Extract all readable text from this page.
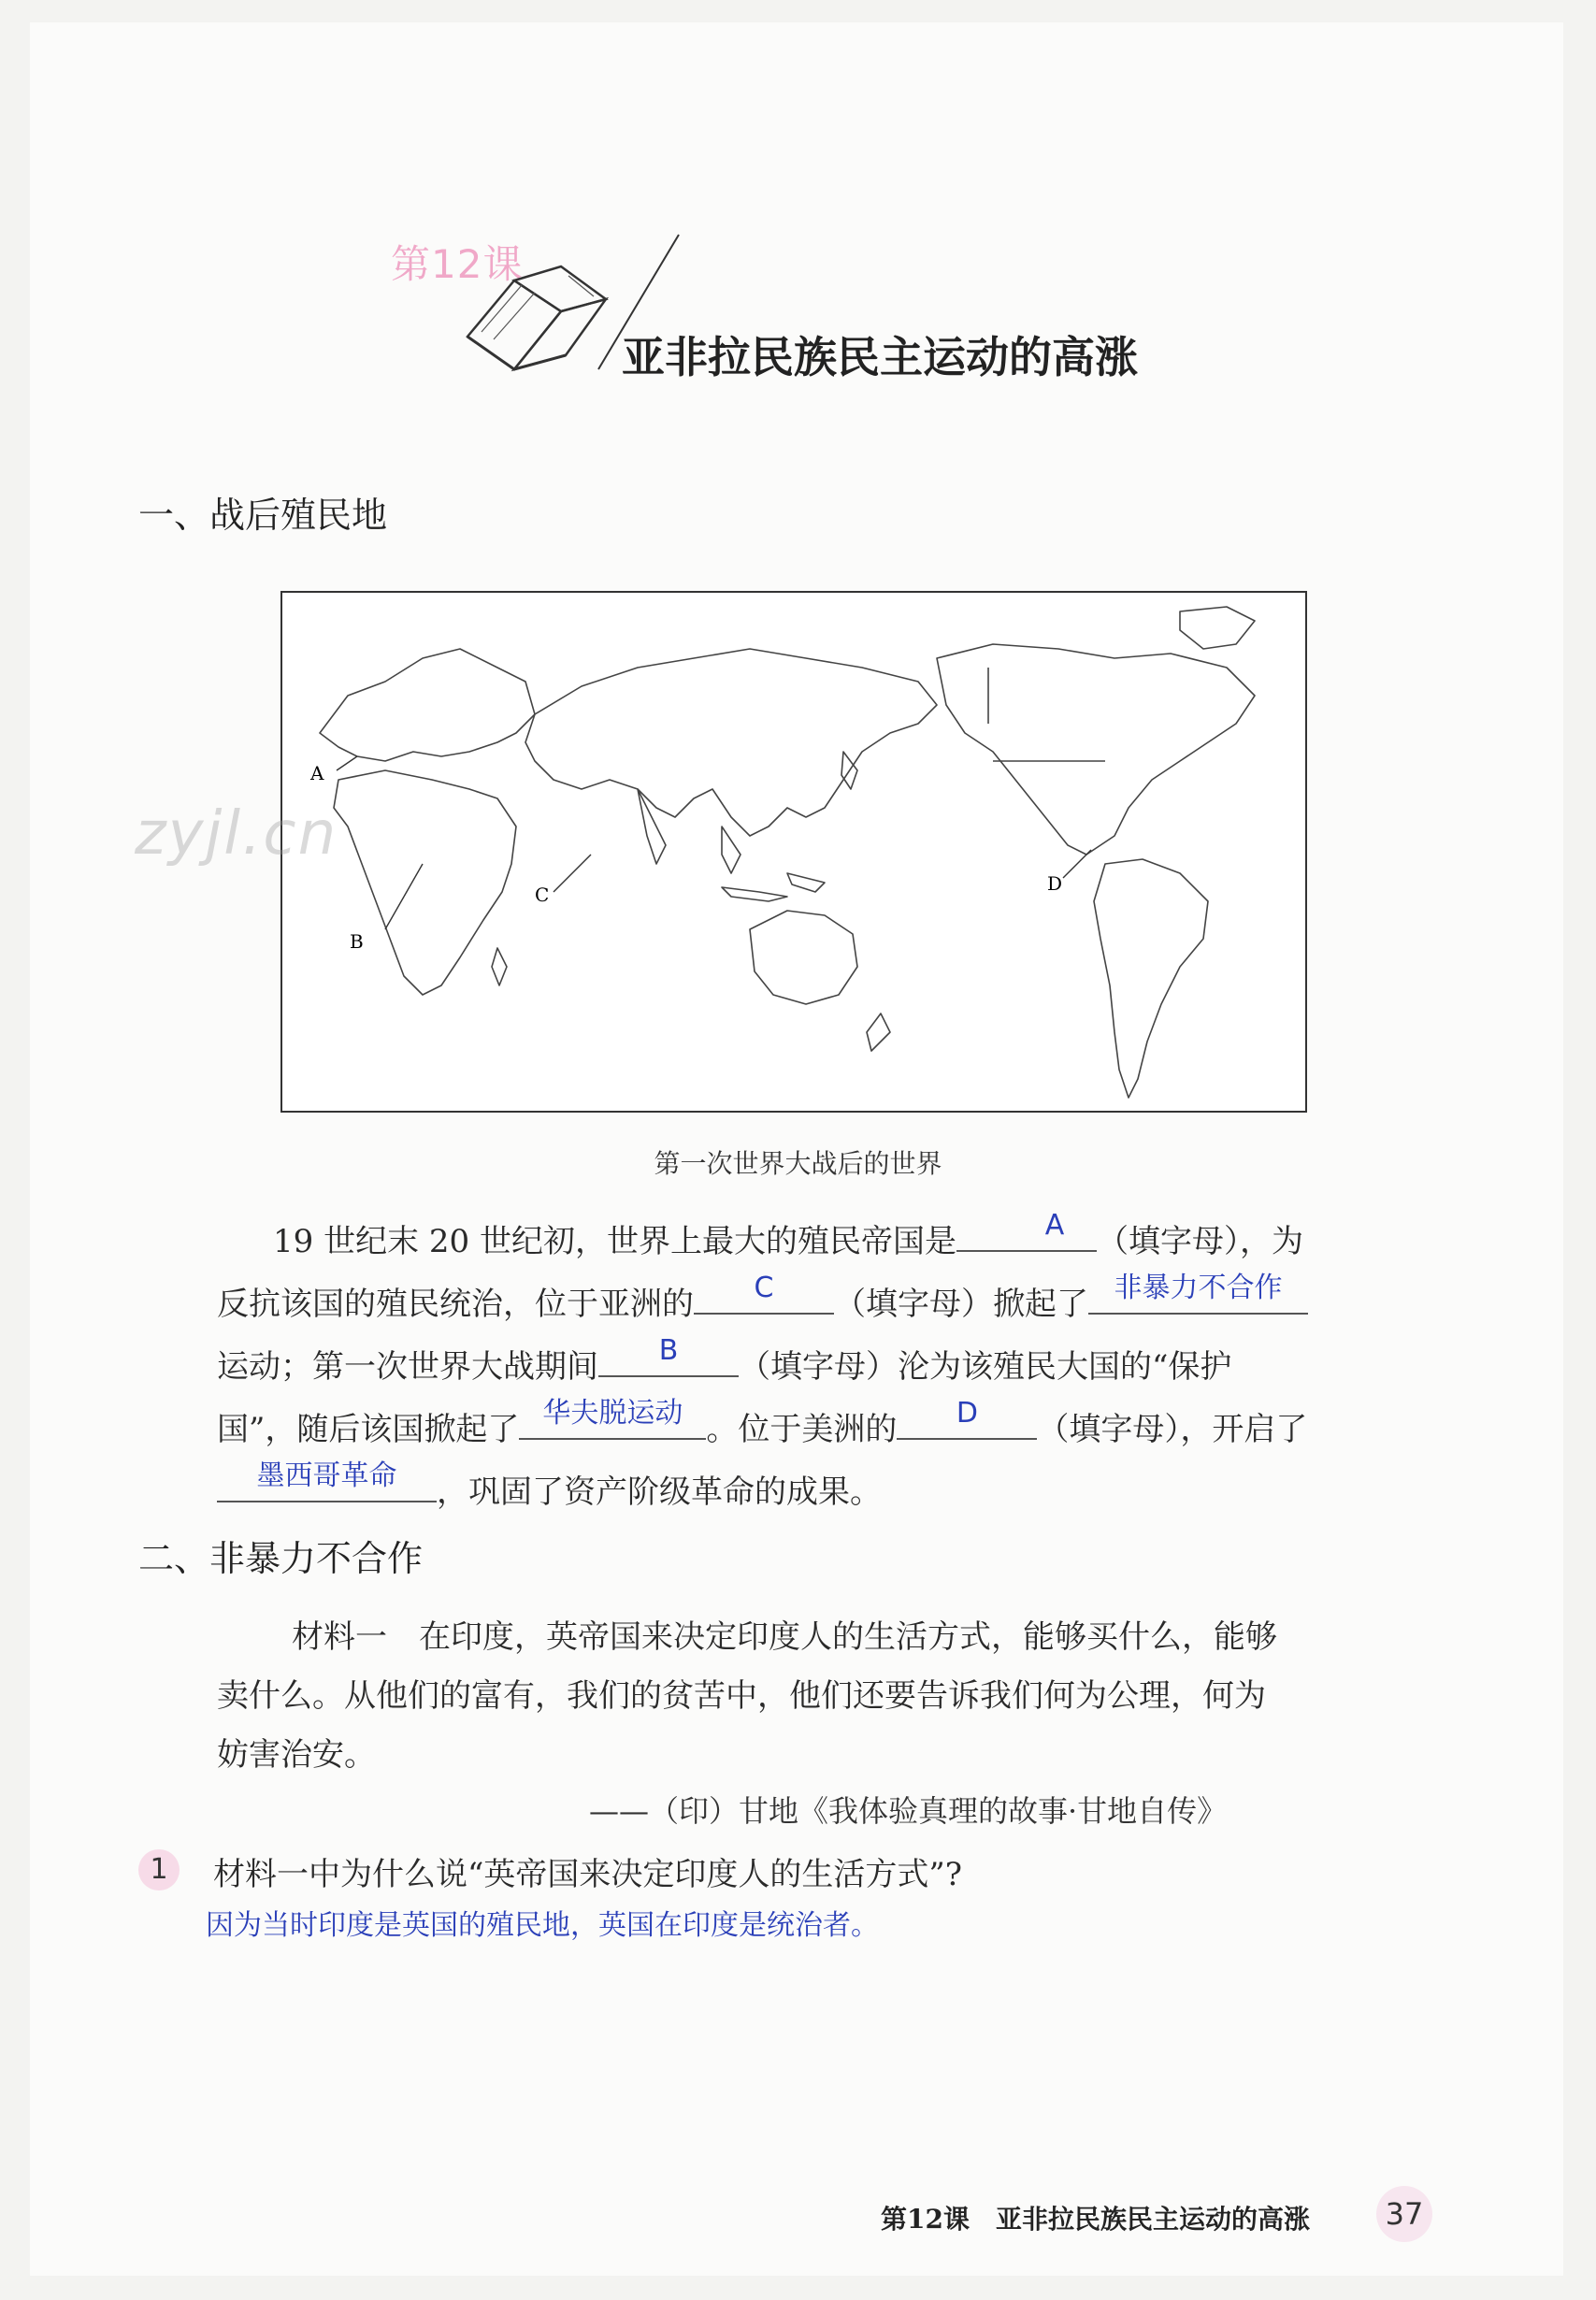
第12课
亚非拉民族民主运动的高涨
一、战后殖民地
A
B
C	D
zyjl.cn
第一次世界大战后的世界
19 世纪末 20 世纪初，世界上最大的殖民帝国是	A	（填字母），为
反抗该国的殖民统治，位于亚洲的	C	（填字母）掀起了 非暴力不合作
运动；第一次世界大战期间	B	（填字母）沦为该殖民大国的“保护
国”，随后该国掀起了 华夫脱运动 。位于美洲的	D	（填字母），开启了
墨西哥革命	，巩固了资产阶级革命的成果。
二、非暴力不合作
材料一　在印度，英帝国来决定印度人的生活方式，能够买什么，能够
卖什么。从他们的富有，我们的贫苦中，他们还要告诉我们何为公理，何为
妨害治安。
——（印）甘地《我体验真理的故事·甘地自传》
1	材料一中为什么说“英帝国来决定印度人的生活方式”?
因为当时印度是英国的殖民地，英国在印度是统治者。
第12课　亚非拉民族民主运动的高涨	37
